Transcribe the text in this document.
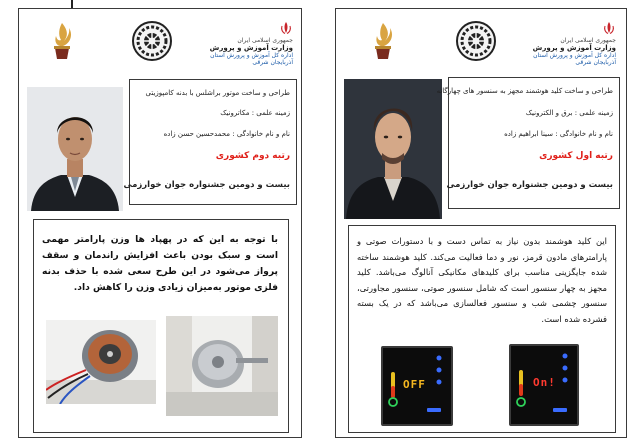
جمهوری اسلامی ایران
وزارت آموزش و پرورش
اداره کل آموزش و پرورش استان آذربایجان شرقی
طراحی و ساخت موتور براشلس با بدنه کامپوزیتی
زمینه علمی : مکاترونیک
نام و نام خانوادگی : محمدحسین حسن زاده
رتبه دوم کشوری
بیست و دومین جشنواره جوان خوارزمی
با توجه به این که در پهپاد ها وزن پارامتر مهمی است و سبک بودن باعث افزایش راندمان و سقف پرواز می‌شود در این طرح سعی شده با حذف بدنه فلزی موتور به‌میزان زیادی وزن را کاهش داد.
جمهوری اسلامی ایران
وزارت آموزش و پرورش
اداره کل آموزش و پرورش استان آذربایجان شرقی
طراحی و ساخت کلید هوشمند مجهز به سنسور های چهارگانه
زمینه علمی : برق و الکترونیک
نام و نام خانوادگی : سینا ابراهیم زاده
رتبه اول کشوری
بیست و دومین جشنواره جوان خوارزمی
این کلید هوشمند بدون نیاز به تماس دست و با دستورات صوتی و پارامترهای مادون قرمز، نور و دما فعالیت می‌کند. کلید هوشمند ساخته شده جایگزینی مناسب برای کلیدهای مکانیکی آنالوگ می‌باشد. کلید مجهز به چهار سنسور است که شامل سنسور صوتی، سنسور مجاورتی، سنسور چشمی شب و سنسور فعالسازی می‌باشد که در یک بسته فشرده شده است.
OFF	On!
